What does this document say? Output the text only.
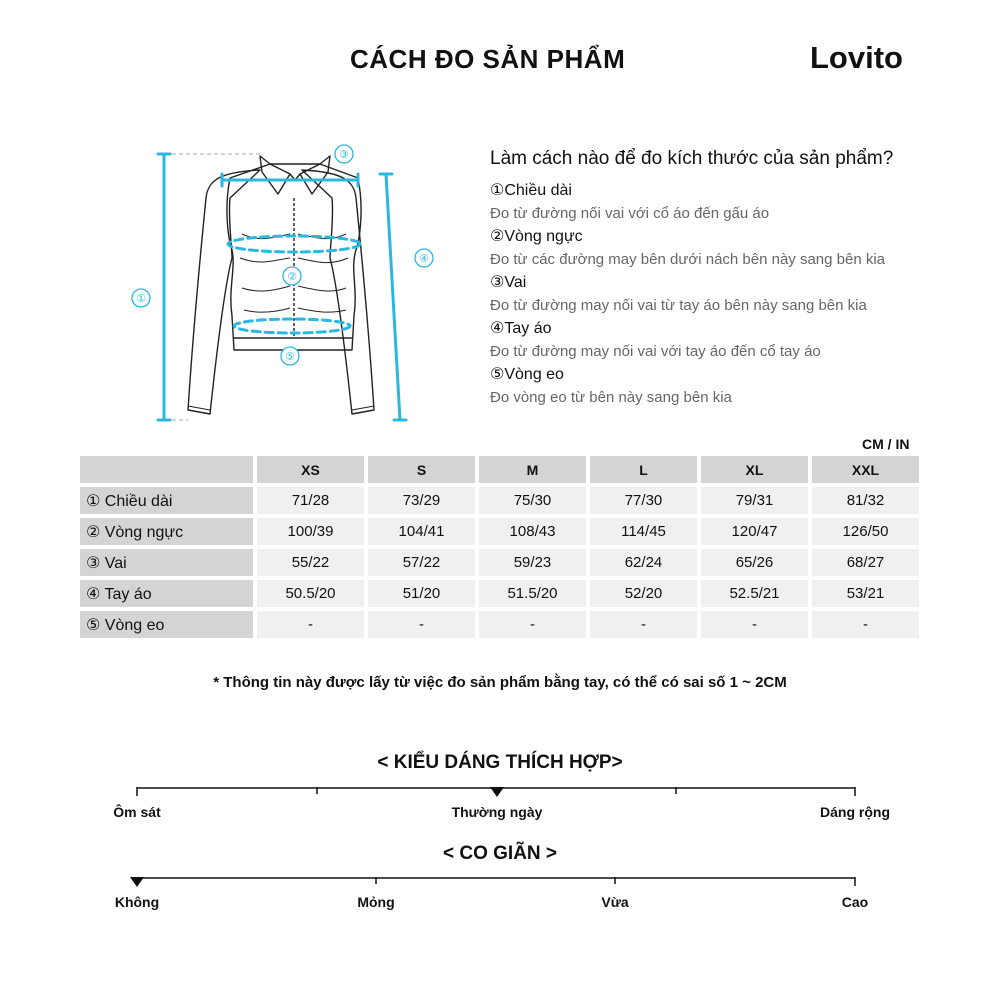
CÁCH ĐO SẢN PHẨM	Lovito
①
②
③
④
⑤
Làm cách nào để đo kích thước của sản phẩm?
①Chiều dài
Đo từ đường nối vai với cổ áo đến gấu áo
②Vòng ngực
Đo từ các đường may bên dưới nách bên này sang bên kia
③Vai
Đo từ đường may nối vai từ tay áo bên này sang bên kia
④Tay áo
Đo từ đường may nối vai với tay áo đến cổ tay áo
⑤Vòng eo
Đo vòng eo từ bên này sang bên kia
CM / IN
XS	S	M	L	XL	XXL
① Chiều dài	71/28	73/29	75/30	77/30	79/31	81/32
② Vòng ngực	100/39	104/41	108/43	114/45	120/47	126/50
③ Vai	55/22	57/22	59/23	62/24	65/26	68/27
④ Tay áo	50.5/20	51/20	51.5/20	52/20	52.5/21	53/21
⑤ Vòng eo	-	-	-	-	-	-
* Thông tin này được lấy từ việc đo sản phẩm bằng tay, có thể có sai số 1 ~ 2CM
< KIỂU DÁNG THÍCH HỢP>
Ôm sát	Thường ngày	Dáng rộng
< CO GIÃN >
Không	Mỏng	Vừa	Cao
